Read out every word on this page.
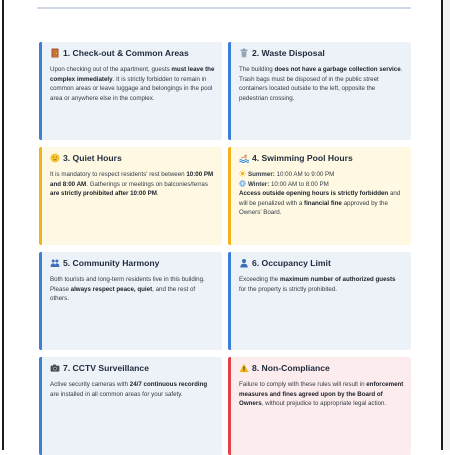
1. Check-out & Common Areas
Upon checking out of the apartment, guests must leave the complex immediately. It is strictly forbidden to remain in common areas or leave luggage and belongings in the pool area or anywhere else in the complex.
2. Waste Disposal
The building does not have a garbage collection service. Trash bags must be disposed of in the public street containers located outside to the left, opposite the pedestrian crossing.
3. Quiet Hours
It is mandatory to respect residents' rest between 10:00 PM and 8:00 AM. Gatherings or meetings on balconies/terras are strictly prohibited after 10:00 PM.
4. Swimming Pool Hours
Summer: 10:00 AM to 9:00 PM
Winter: 10:00 AM to 8:00 PM
Access outside opening hours is strictly forbidden and will be penalized with a financial fine approved by the Owners' Board.
5. Community Harmony
Both tourists and long-term residents live in this building. Please always respect peace, quiet, and the rest of others.
6. Occupancy Limit
Exceeding the maximum number of authorized guests for the property is strictly prohibited.
7. CCTV Surveillance
Active security cameras with 24/7 continuous recording are installed in all common areas for your safety.
8. Non-Compliance
Failure to comply with these rules will result in enforcement measures and fines agreed upon by the Board of Owners, without prejudice to appropriate legal action.
